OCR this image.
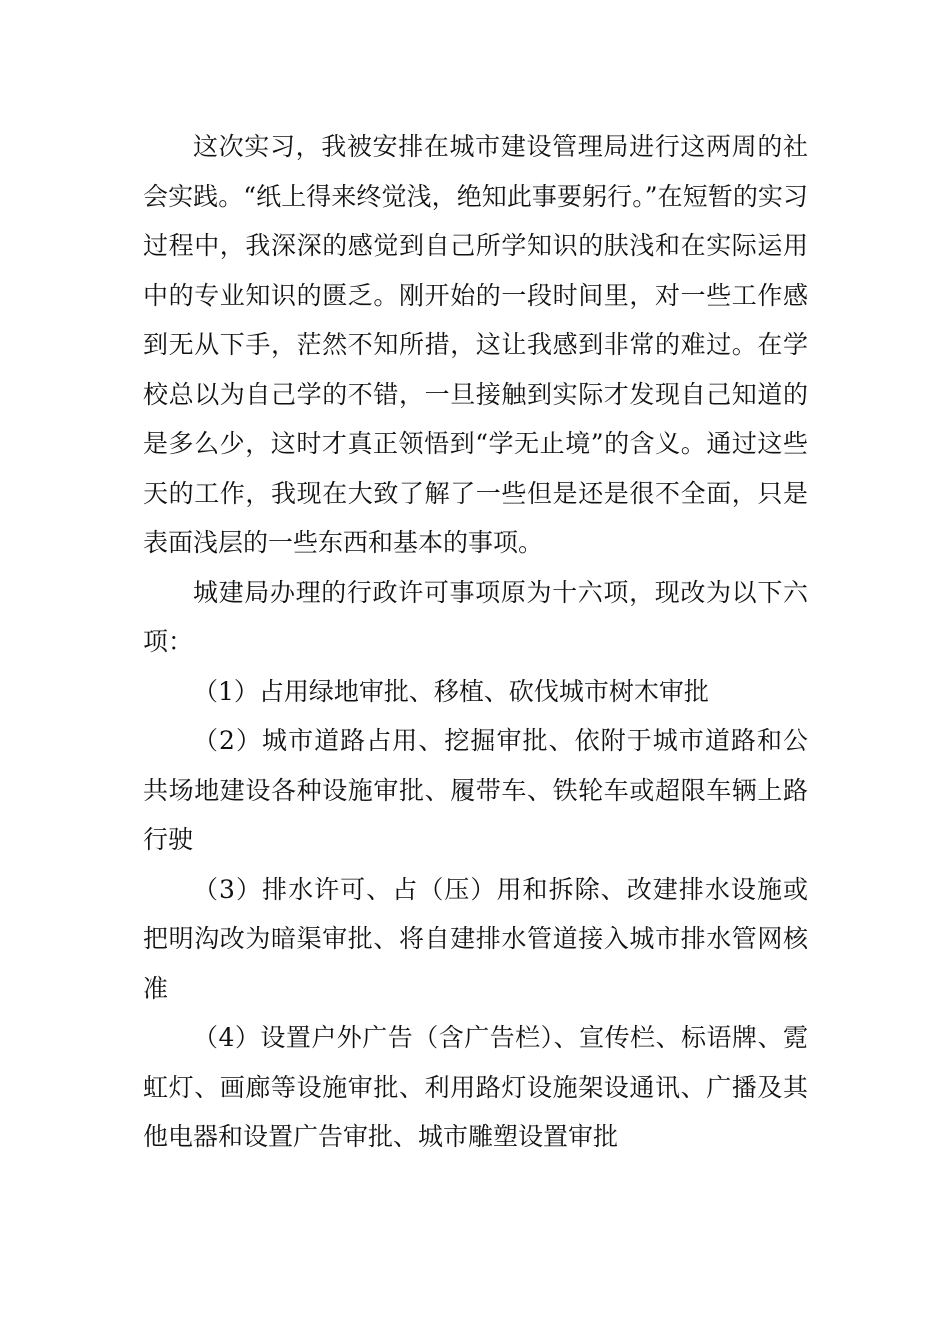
这次实习，我被安排在城市建设管理局进行这两周的社会实践。“纸上得来终觉浅，绝知此事要躬行。”在短暂的实习过程中，我深深的感觉到自己所学知识的肤浅和在实际运用中的专业知识的匮乏。刚开始的一段时间里，对一些工作感到无从下手，茫然不知所措，这让我感到非常的难过。在学校总以为自己学的不错，一旦接触到实际才发现自己知道的是多么少，这时才真正领悟到“学无止境”的含义。通过这些天的工作，我现在大致了解了一些但是还是很不全面，只是表面浅层的一些东西和基本的事项。

城建局办理的行政许可事项原为十六项，现改为以下六项：

（1）占用绿地审批、移植、砍伐城市树木审批

（2）城市道路占用、挖掘审批、依附于城市道路和公共场地建设各种设施审批、履带车、铁轮车或超限车辆上路行驶

（3）排水许可、占（压）用和拆除、改建排水设施或把明沟改为暗渠审批、将自建排水管道接入城市排水管网核准

（4）设置户外广告（含广告栏）、宣传栏、标语牌、霓虹灯、画廊等设施审批、利用路灯设施架设通讯、广播及其他电器和设置广告审批、城市雕塑设置审批
